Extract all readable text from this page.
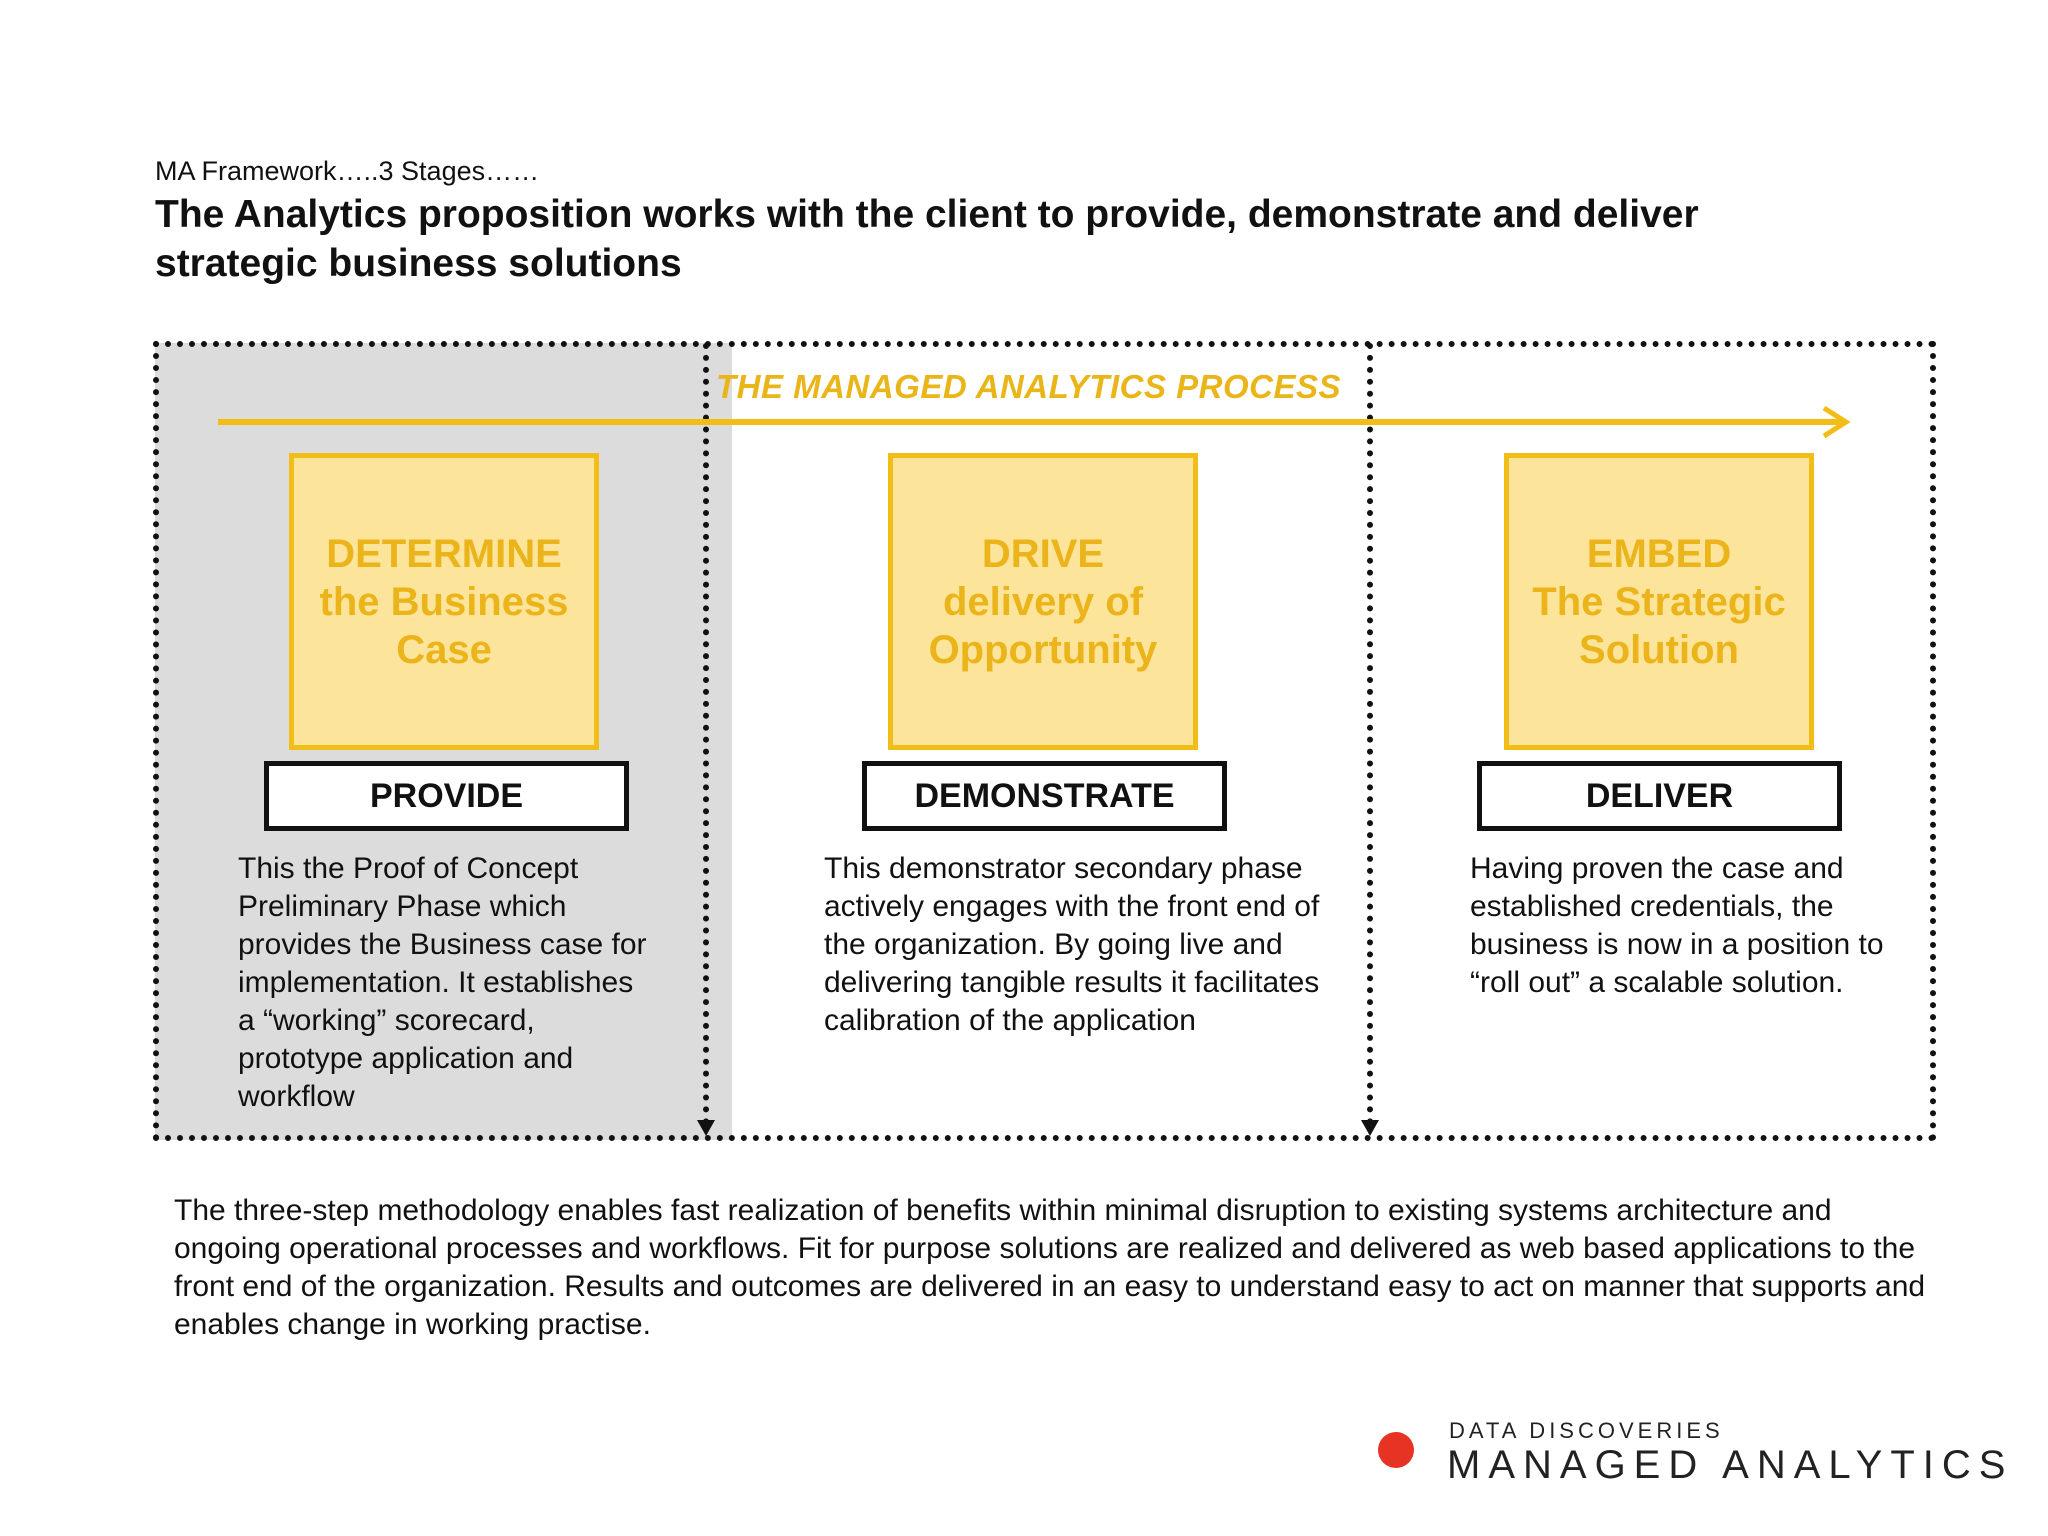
MA Framework…..3 Stages……
The Analytics proposition works with the client to provide, demonstrate and deliver strategic business solutions
THE MANAGED ANALYTICS PROCESS
DETERMINE
the Business
Case
DRIVE
delivery of
Opportunity
EMBED
The Strategic
Solution
PROVIDE	DEMONSTRATE	DELIVER
This the Proof of Concept Preliminary Phase which provides the Business case for implementation. It establishes a “working” scorecard, prototype application and workflow
This demonstrator secondary phase actively engages with the front end of the organization. By going live and delivering tangible results it facilitates calibration of the application
Having proven the case and established credentials, the business is now in a position to “roll out” a scalable solution.
The three-step methodology enables fast realization of benefits within minimal disruption to existing systems architecture and ongoing operational processes and workflows. Fit for purpose solutions are realized and delivered as web based applications to the front end of the organization. Results and outcomes are delivered in an easy to understand easy to act on manner that supports and enables change in working practise.
DATA DISCOVERIES
MANAGED ANALYTICS
